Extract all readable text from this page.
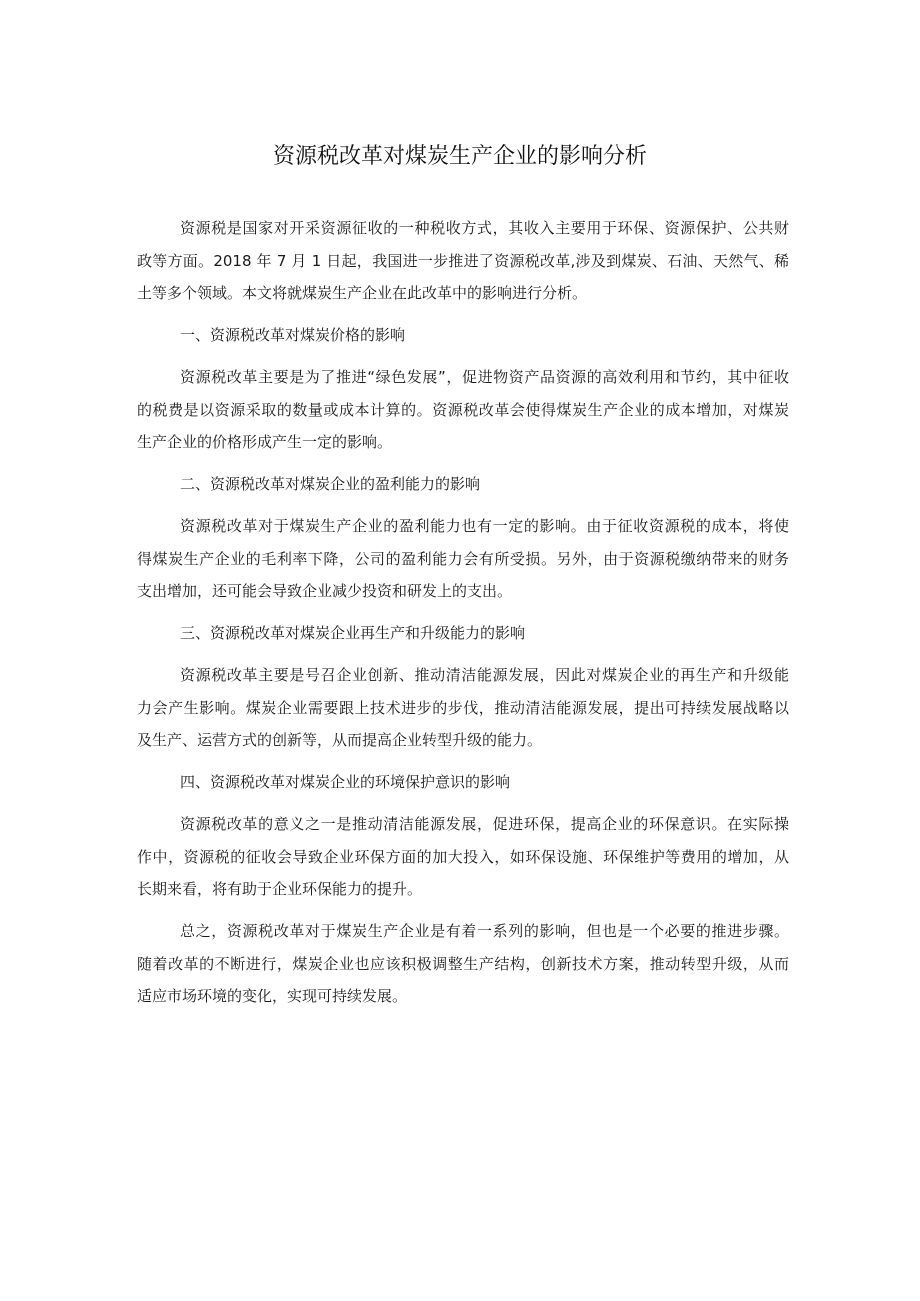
资源税改革对煤炭生产企业的影响分析
资源税是国家对开采资源征收的一种税收方式，其收入主要用于环保、资源保护、公共财
政等方面。2018 年 7 月 1 日起，我国进一步推进了资源税改革,涉及到煤炭、石油、天然气、稀
土等多个领域。本文将就煤炭生产企业在此改革中的影响进行分析。
一、资源税改革对煤炭价格的影响
资源税改革主要是为了推进“绿色发展”，促进物资产品资源的高效利用和节约，其中征收
的税费是以资源采取的数量或成本计算的。资源税改革会使得煤炭生产企业的成本增加，对煤炭
生产企业的价格形成产生一定的影响。
二、资源税改革对煤炭企业的盈利能力的影响
资源税改革对于煤炭生产企业的盈利能力也有一定的影响。由于征收资源税的成本，将使
得煤炭生产企业的毛利率下降，公司的盈利能力会有所受损。另外，由于资源税缴纳带来的财务
支出增加，还可能会导致企业减少投资和研发上的支出。
三、资源税改革对煤炭企业再生产和升级能力的影响
资源税改革主要是号召企业创新、推动清洁能源发展，因此对煤炭企业的再生产和升级能
力会产生影响。煤炭企业需要跟上技术进步的步伐，推动清洁能源发展，提出可持续发展战略以
及生产、运营方式的创新等，从而提高企业转型升级的能力。
四、资源税改革对煤炭企业的环境保护意识的影响
资源税改革的意义之一是推动清洁能源发展，促进环保，提高企业的环保意识。在实际操
作中，资源税的征收会导致企业环保方面的加大投入，如环保设施、环保维护等费用的增加，从
长期来看，将有助于企业环保能力的提升。
总之，资源税改革对于煤炭生产企业是有着一系列的影响，但也是一个必要的推进步骤。
随着改革的不断进行，煤炭企业也应该积极调整生产结构，创新技术方案，推动转型升级，从而
适应市场环境的变化，实现可持续发展。
